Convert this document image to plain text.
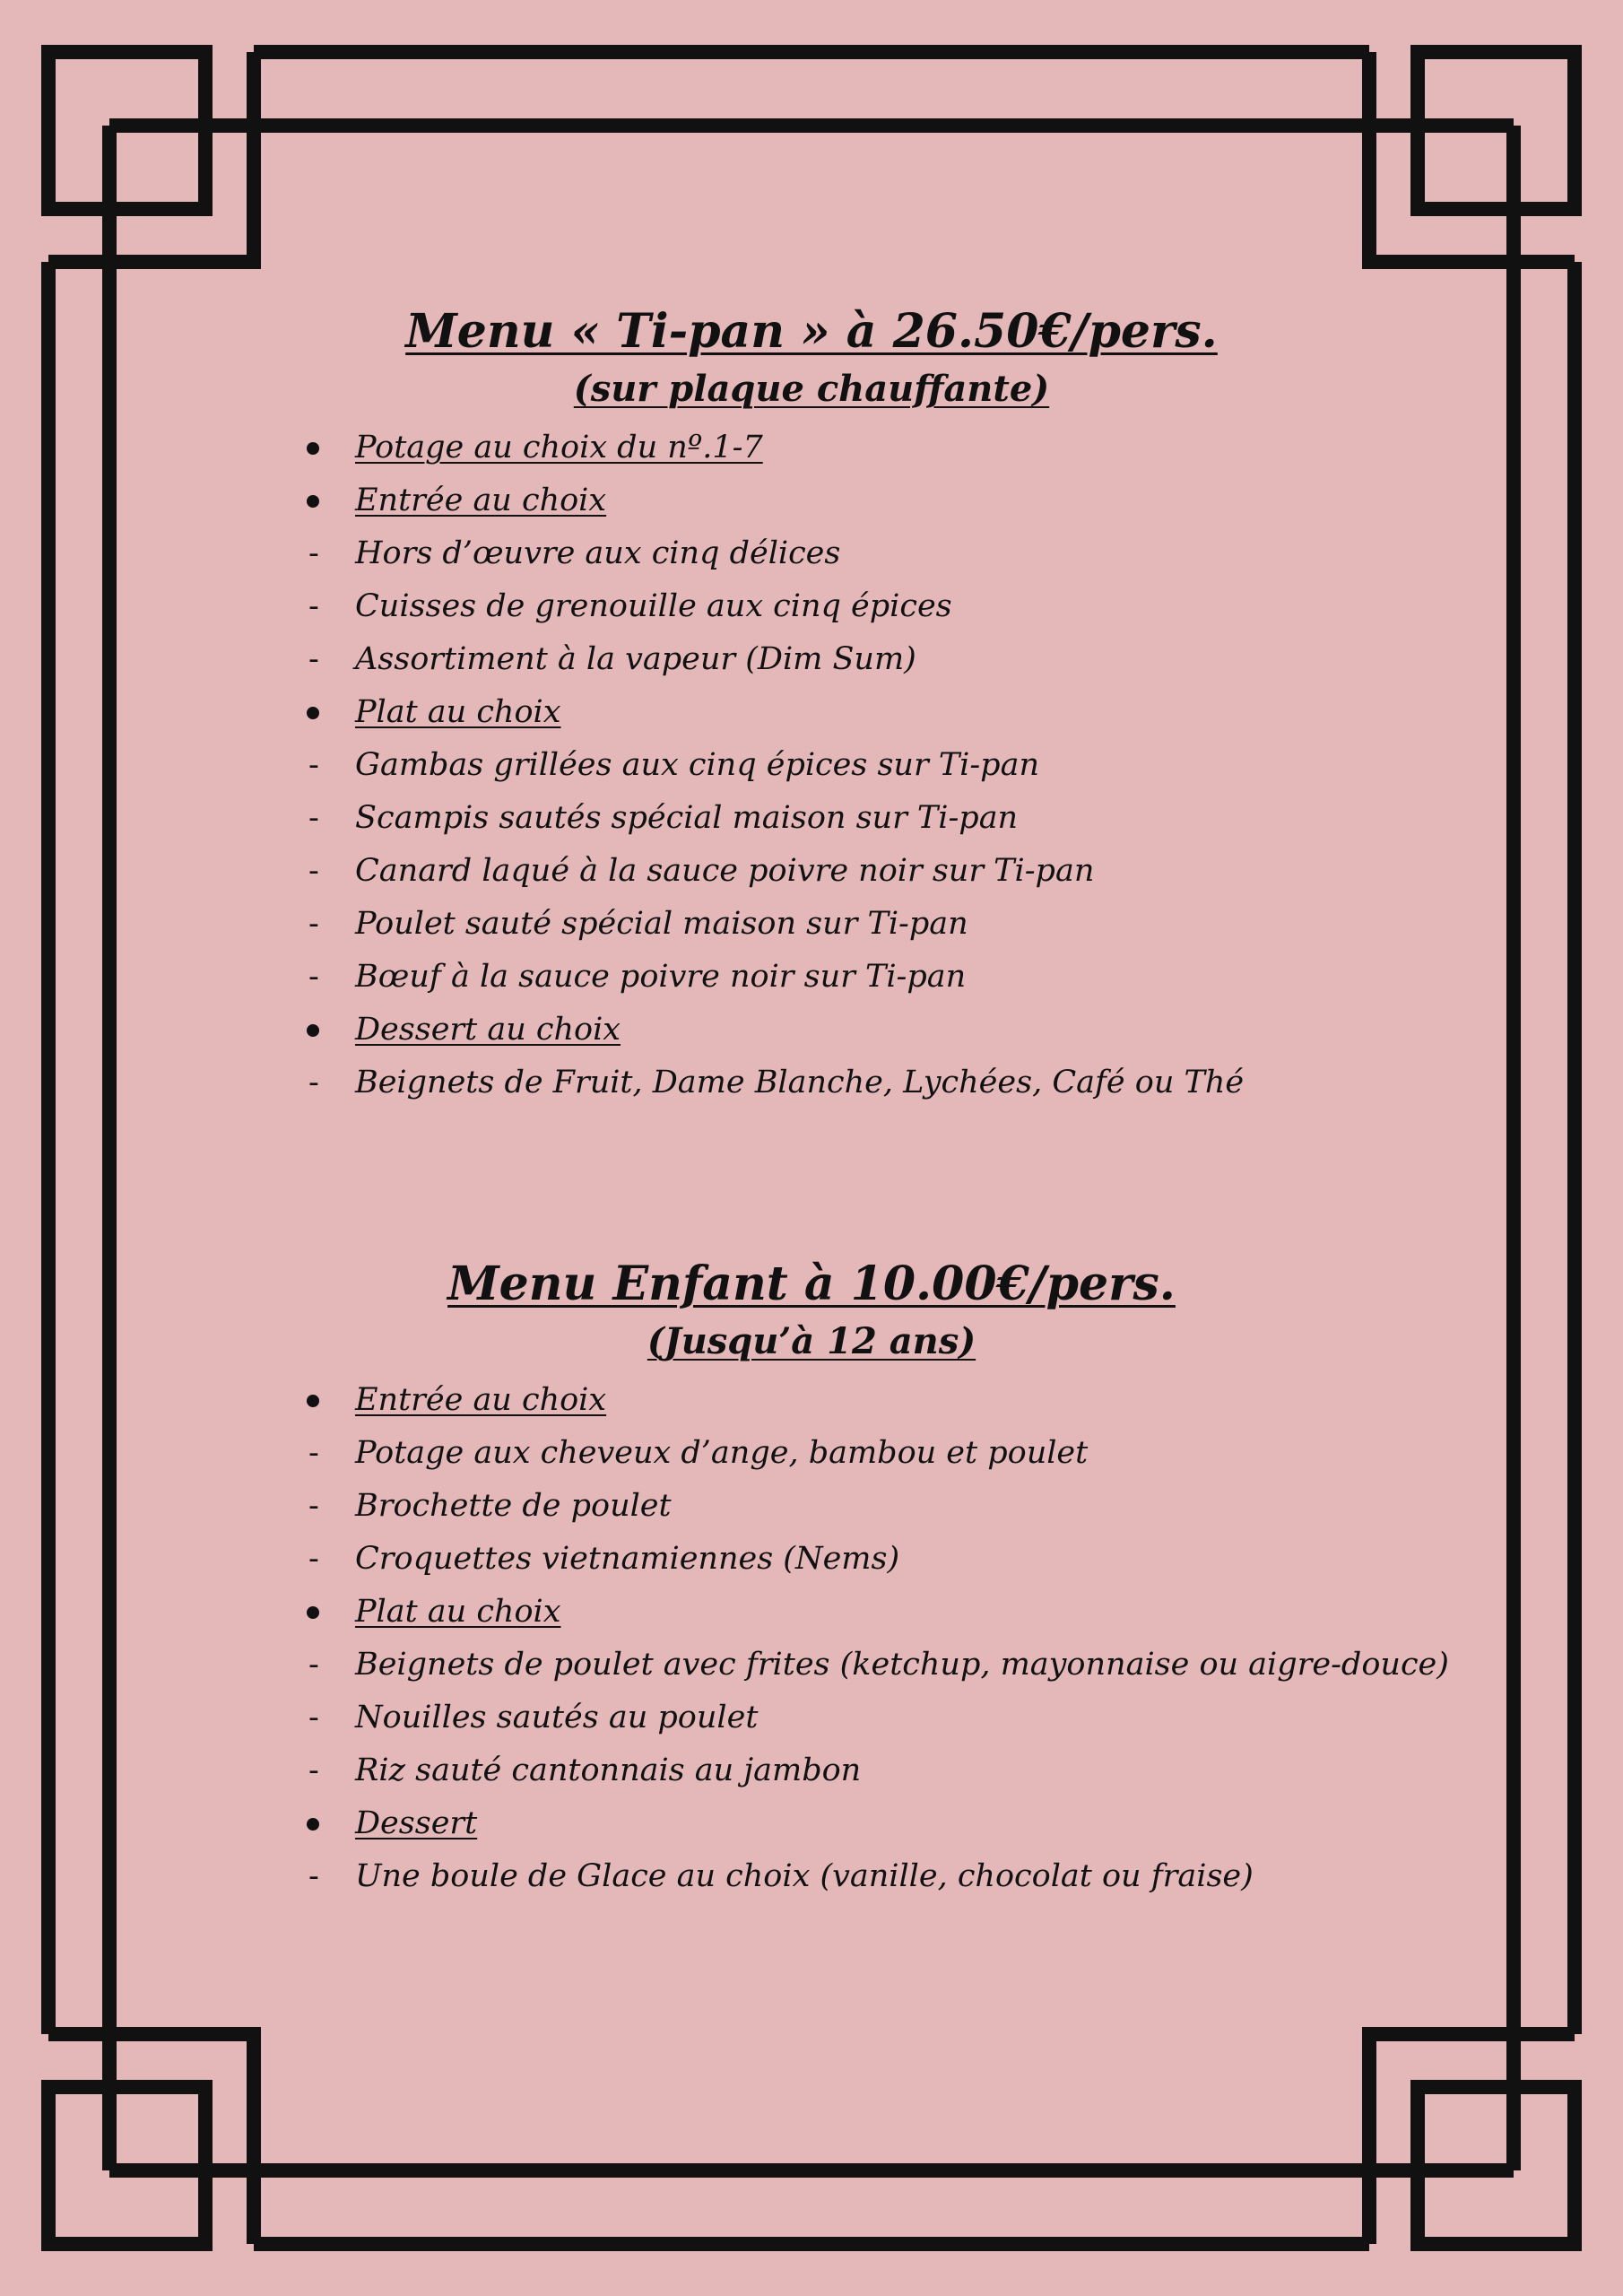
Menu « Ti-pan » à 26.50€/pers.
(sur plaque chauffante)
Potage au choix du nº.1-7
Entrée au choix
Hors d’œuvre aux cinq délices
Cuisses de grenouille aux cinq épices
Assortiment à la vapeur (Dim Sum)
Plat au choix
Gambas grillées aux cinq épices sur Ti-pan
Scampis sautés spécial maison sur Ti-pan
Canard laqué à la sauce poivre noir sur Ti-pan
Poulet sauté spécial maison sur Ti-pan
Bœuf à la sauce poivre noir sur Ti-pan
Dessert au choix
Beignets de Fruit, Dame Blanche, Lychées, Café ou Thé
Menu Enfant à 10.00€/pers.
(Jusqu’à 12 ans)
Entrée au choix
Potage aux cheveux d’ange, bambou et poulet
Brochette de poulet
Croquettes vietnamiennes (Nems)
Plat au choix
Beignets de poulet avec frites (ketchup, mayonnaise ou aigre-douce)
Nouilles sautés au poulet
Riz sauté cantonnais au jambon
Dessert
Une boule de Glace au choix (vanille, chocolat ou fraise)
